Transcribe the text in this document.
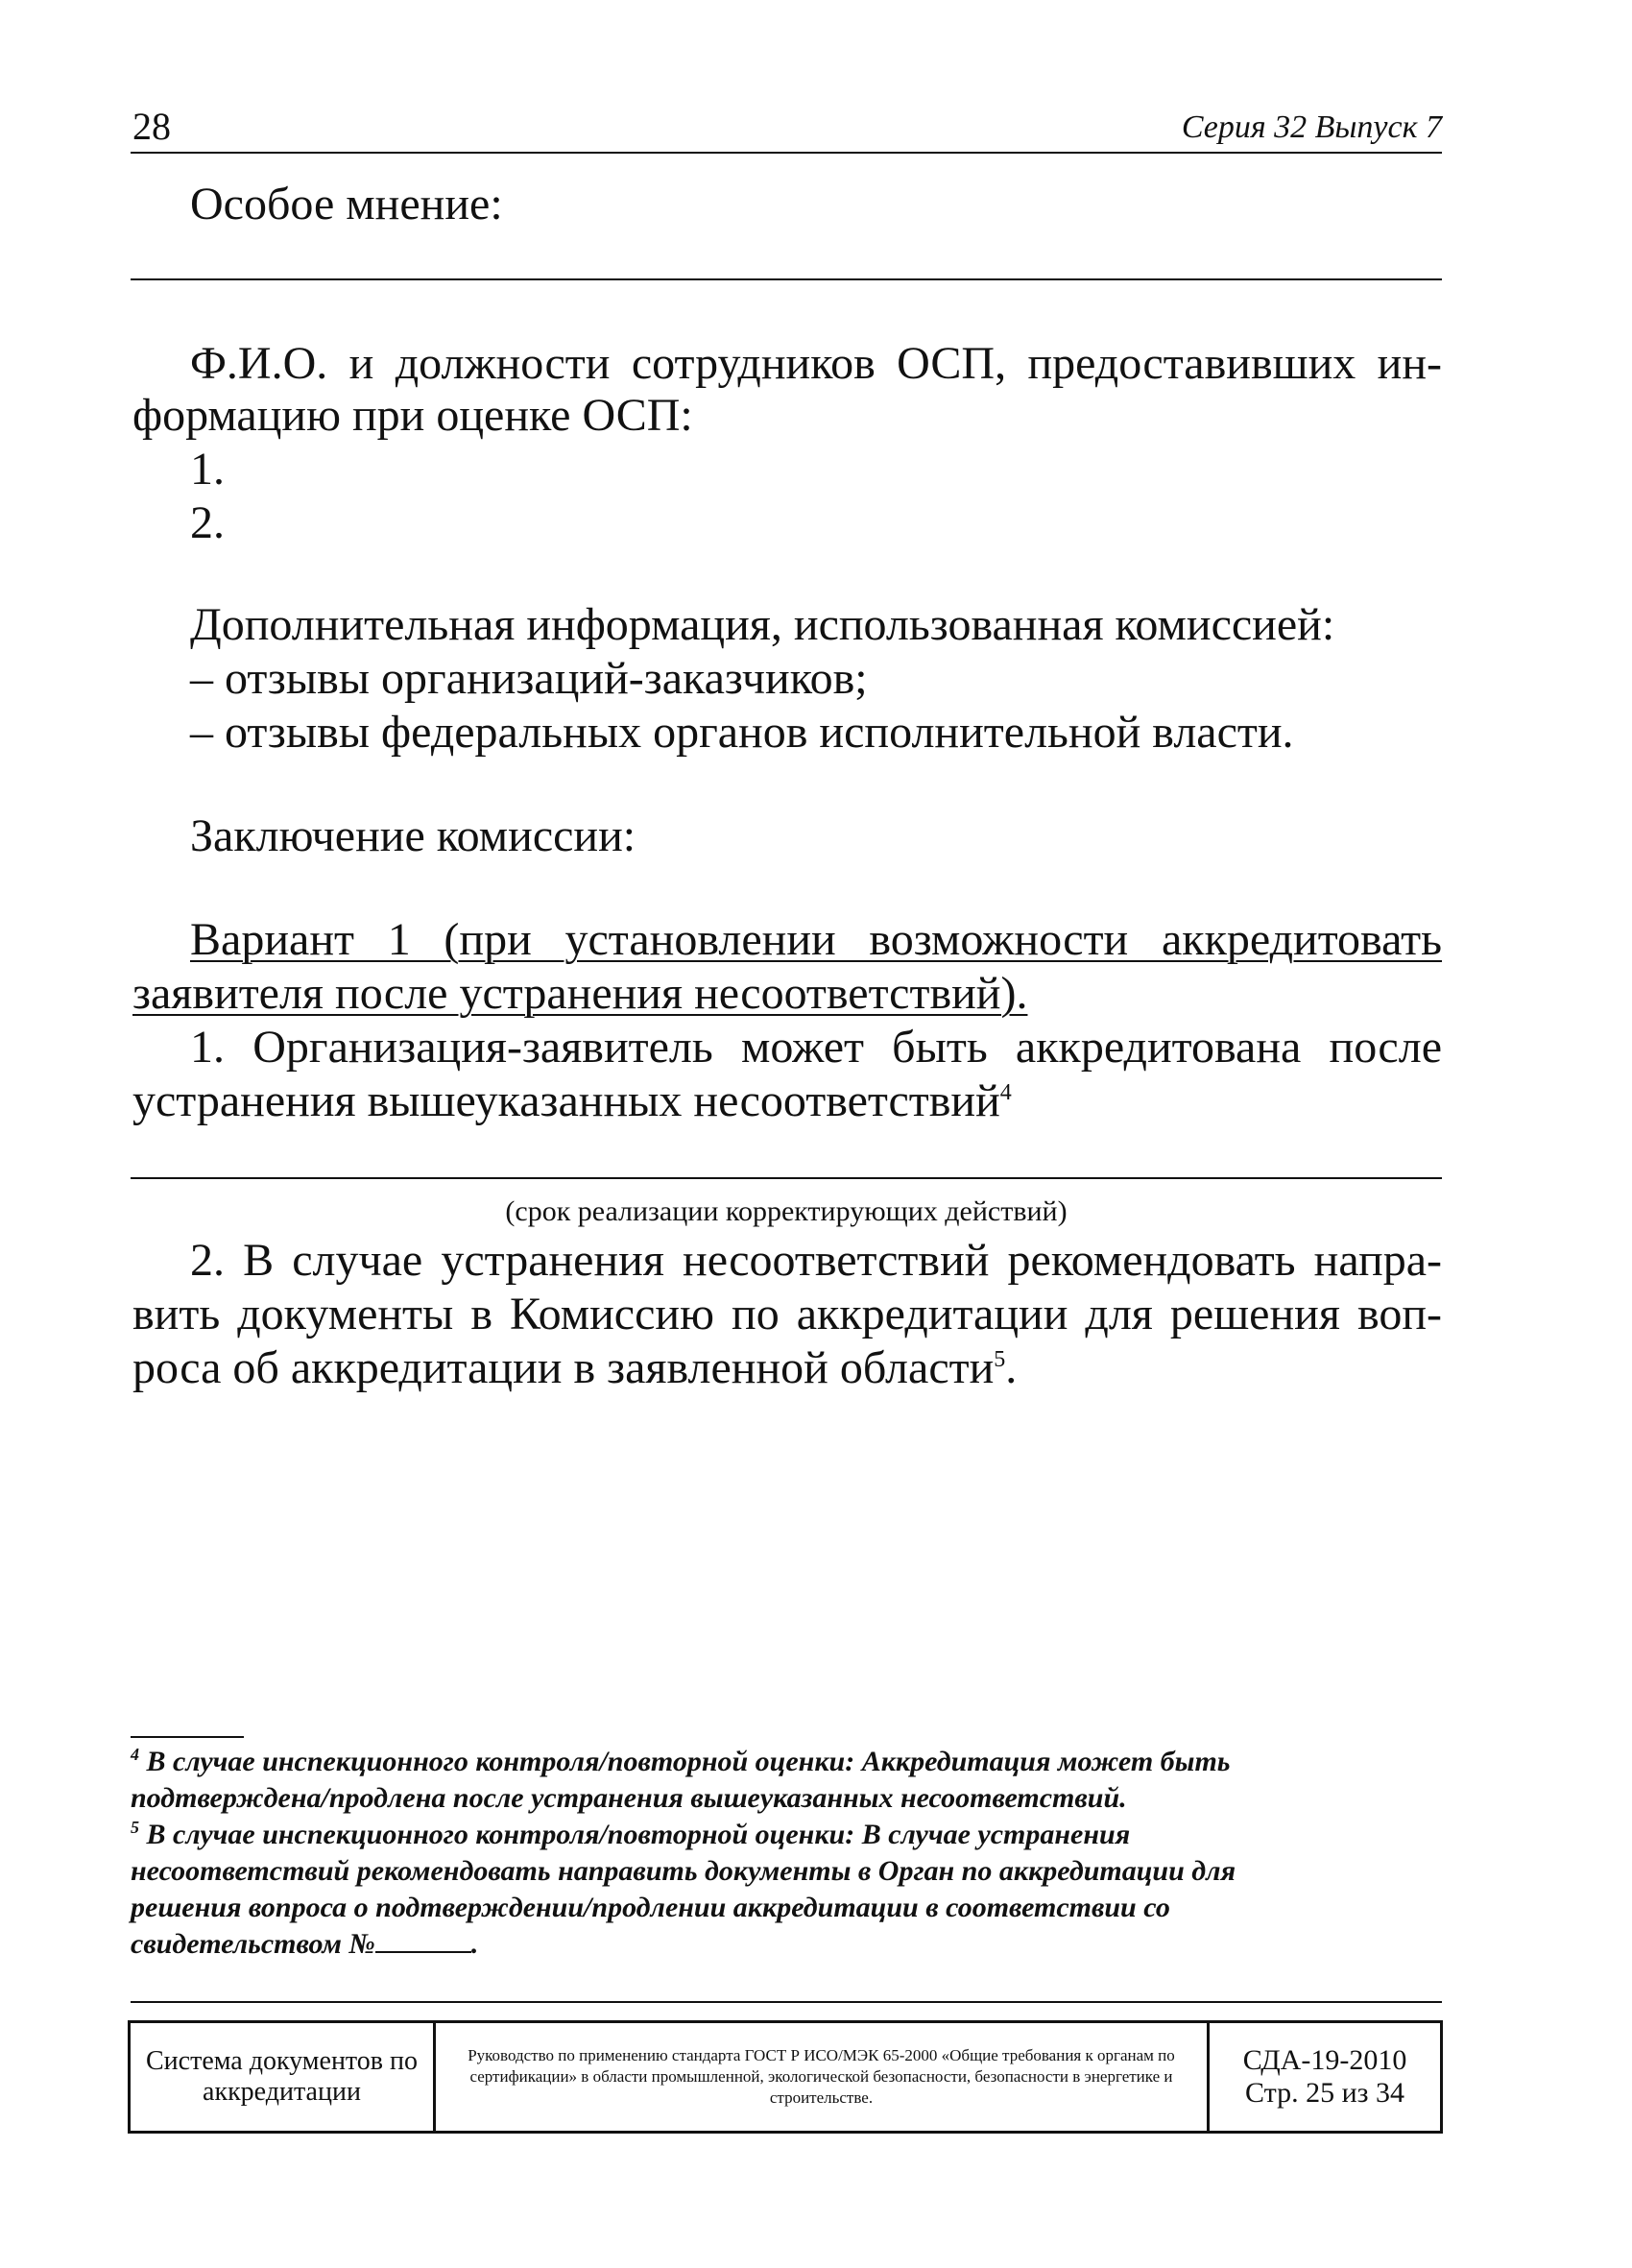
28	Серия 32 Выпуск 7
Особое мнение:
Ф.И.О. и должности сотрудников ОСП, предоставивших ин-
формацию при оценке ОСП:
1.
2.
Дополнительная информация, использованная комиссией:
– отзывы организаций-заказчиков;
– отзывы федеральных органов исполнительной власти.
Заключение комиссии:
Вариант 1 (при установлении возможности аккредитовать
заявителя после устранения несоответствий).
1. Организация-заявитель может быть аккредитована после
устранения вышеуказанных несоответствий$^4$
(срок реализации корректирующих действий)
2. В случае устранения несоответствий рекомендовать напра-
вить документы в Комиссию по аккредитации для решения воп-
роса об аккредитации в заявленной области$^5$.
$^4$ В случае инспекционного контроля/повторной оценки: Аккредитация может быть
подтверждена/продлена после устранения вышеуказанных несоответствий.
$^5$ В случае инспекционного контроля/повторной оценки: В случае устранения
несоответствий рекомендовать направить документы в Орган по аккредитации для
решения вопроса о подтверждении/продлении аккредитации в соответствии со
свидетельством №	.
Система документов по аккредитации
Руководство по применению стандарта ГОСТ Р ИСО/МЭК 65-2000 «Общие требования к органам по сертификации» в области промышленной, экологической безопасности, безопасности в энергетике и строительстве.
СДА-19-2010
Стр. 25 из 34
